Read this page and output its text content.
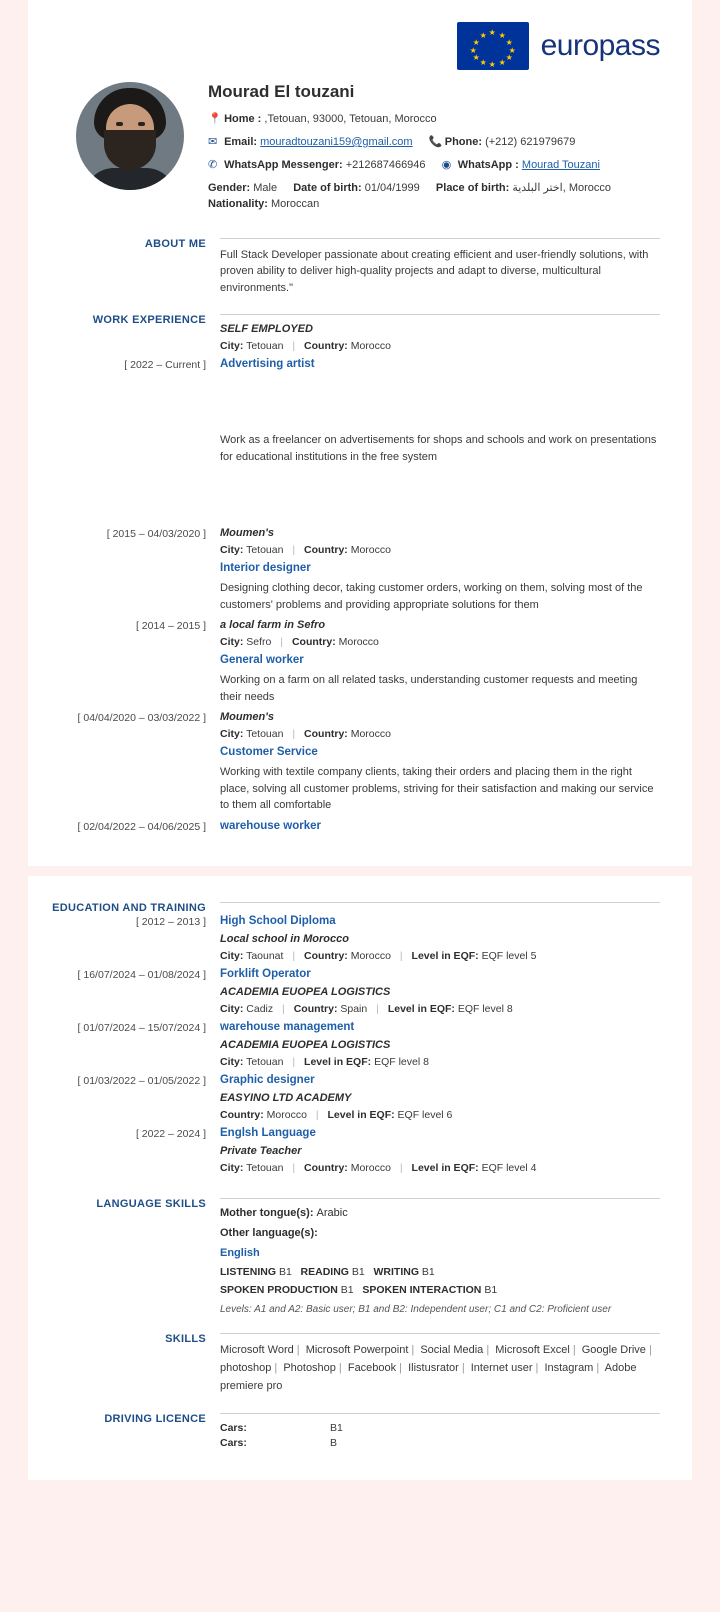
★ ★
★
★
★
★
★
★
★
★
★
★ europass
Mourad El touzani
📍 Home : ,Tetouan, 93000, Tetouan, Morocco
✉ Email: mouradtouzani159@gmail.com 📞 Phone: (+212) 621979679
✆ WhatsApp Messenger: +212687466946 ◉ WhatsApp : Mourad Touzani
Gender: Male Date of birth: 01/04/1999 Place of birth: اختر البلدية, Morocco  Nationality: Moroccan
ABOUT ME
Full Stack Developer passionate about creating efficient and user-friendly solutions, with proven ability to deliver high-quality projects and adapt to diverse, multicultural environments."
WORK EXPERIENCE
SELF EMPLOYED
City: Tetouan | Country: Morocco
[ 2022 – Current ]	Advertising artist
Work as a freelancer on advertisements for shops and schools and work on presentations for educational institutions in the free system
[ 2015 – 04/03/2020 ]	Moumen's
City: Tetouan | Country: Morocco
Interior designer
Designing clothing decor, taking customer orders, working on them, solving most of the customers' problems and providing appropriate solutions for them
[ 2014 – 2015 ]	a local farm in Sefro
City: Sefro | Country: Morocco
General worker
Working on a farm on all related tasks, understanding customer requests and meeting their needs
[ 04/04/2020 – 03/03/2022 ]	Moumen's
City: Tetouan | Country: Morocco
Customer Service
Working with textile company clients, taking their orders and placing them in the right place, solving all customer problems, striving for their satisfaction and making our service to them all comfortable
[ 02/04/2022 – 04/06/2025 ]	warehouse worker
EDUCATION AND TRAINING
[ 2012 – 2013 ]	High School Diploma
Local school in Morocco
City: Taounat | Country: Morocco | Level in EQF: EQF level 5
[ 16/07/2024 – 01/08/2024 ]	Forklift Operator
ACADEMIA EUOPEA LOGISTICS
City: Cadiz | Country: Spain | Level in EQF: EQF level 8
[ 01/07/2024 – 15/07/2024 ]	warehouse management
ACADEMIA EUOPEA LOGISTICS
City: Tetouan | Level in EQF: EQF level 8
[ 01/03/2022 – 01/05/2022 ]	Graphic designer
EASYINO LTD ACADEMY
Country: Morocco | Level in EQF: EQF level 6
[ 2022 – 2024 ]	Englsh Language
Private Teacher
City: Tetouan | Country: Morocco | Level in EQF: EQF level 4
LANGUAGE SKILLS
Mother tongue(s): Arabic
Other language(s):
English
LISTENING B1 READING B1 WRITING B1
SPOKEN PRODUCTION B1 SPOKEN INTERACTION B1
Levels: A1 and A2: Basic user; B1 and B2: Independent user; C1 and C2: Proficient user
SKILLS
Microsoft Word | Microsoft Powerpoint | Social Media | Microsoft Excel | Google Drive | photoshop | Photoshop | Facebook | Ilistusrator | Internet user | Instagram | Adobe premiere pro
DRIVING LICENCE
Cars:	B1
Cars:	B
